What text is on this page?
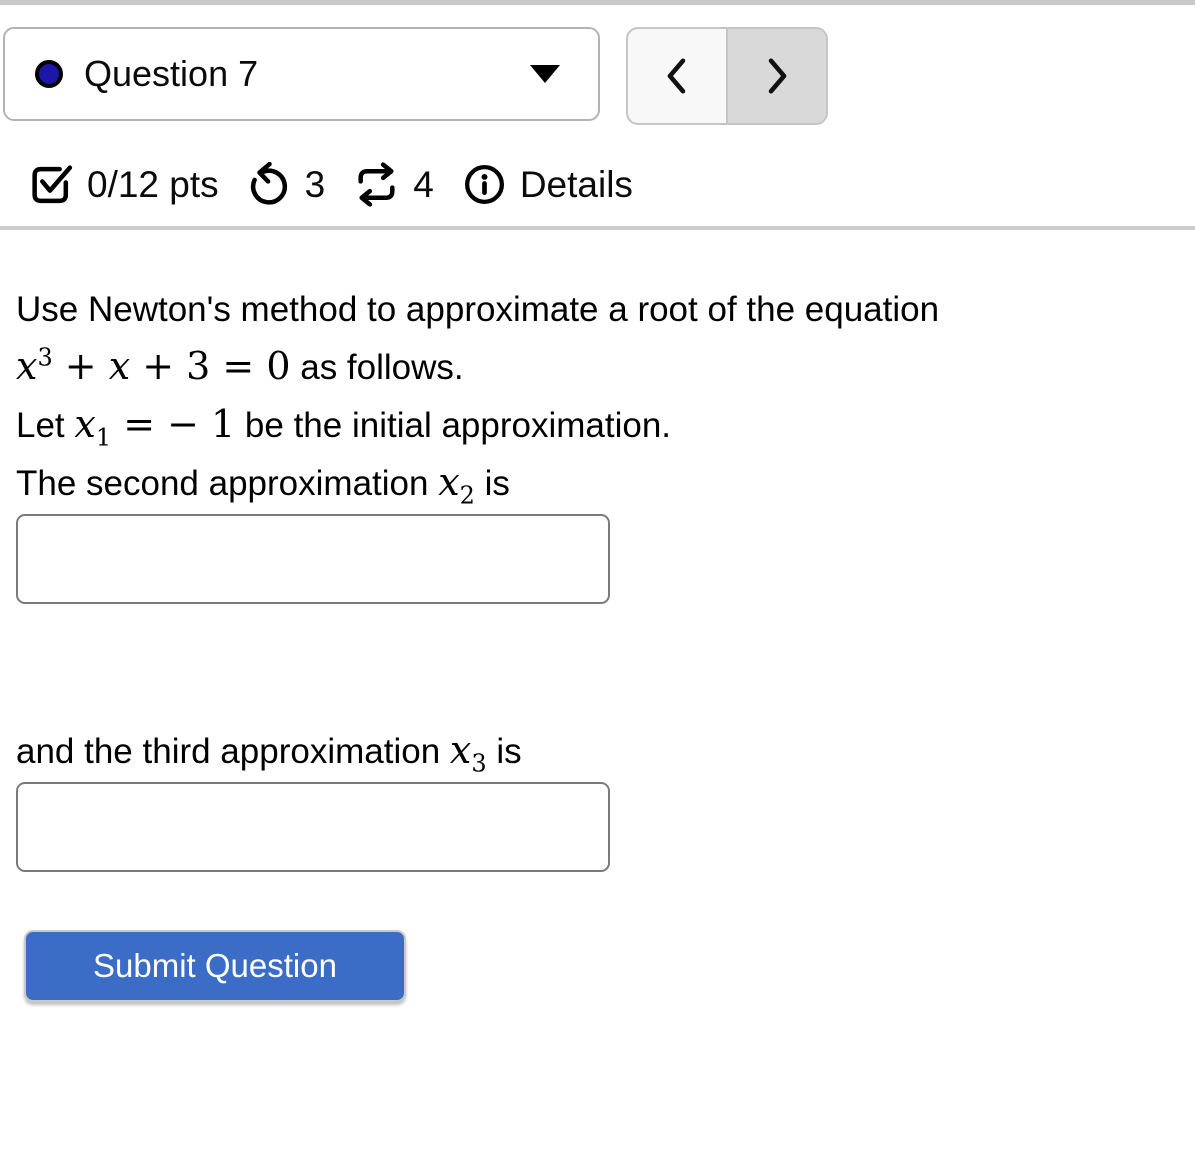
Question 7
0/12 pts 3 4 Details

Use Newton's method to approximate a root of the equation

$x^3 + x + 3 = 0$ as follows.

Let $x_1$ = − 1 be the initial approximation.

The second approximation $x_2$ is

and the third approximation $x_3$ is

Submit Question
